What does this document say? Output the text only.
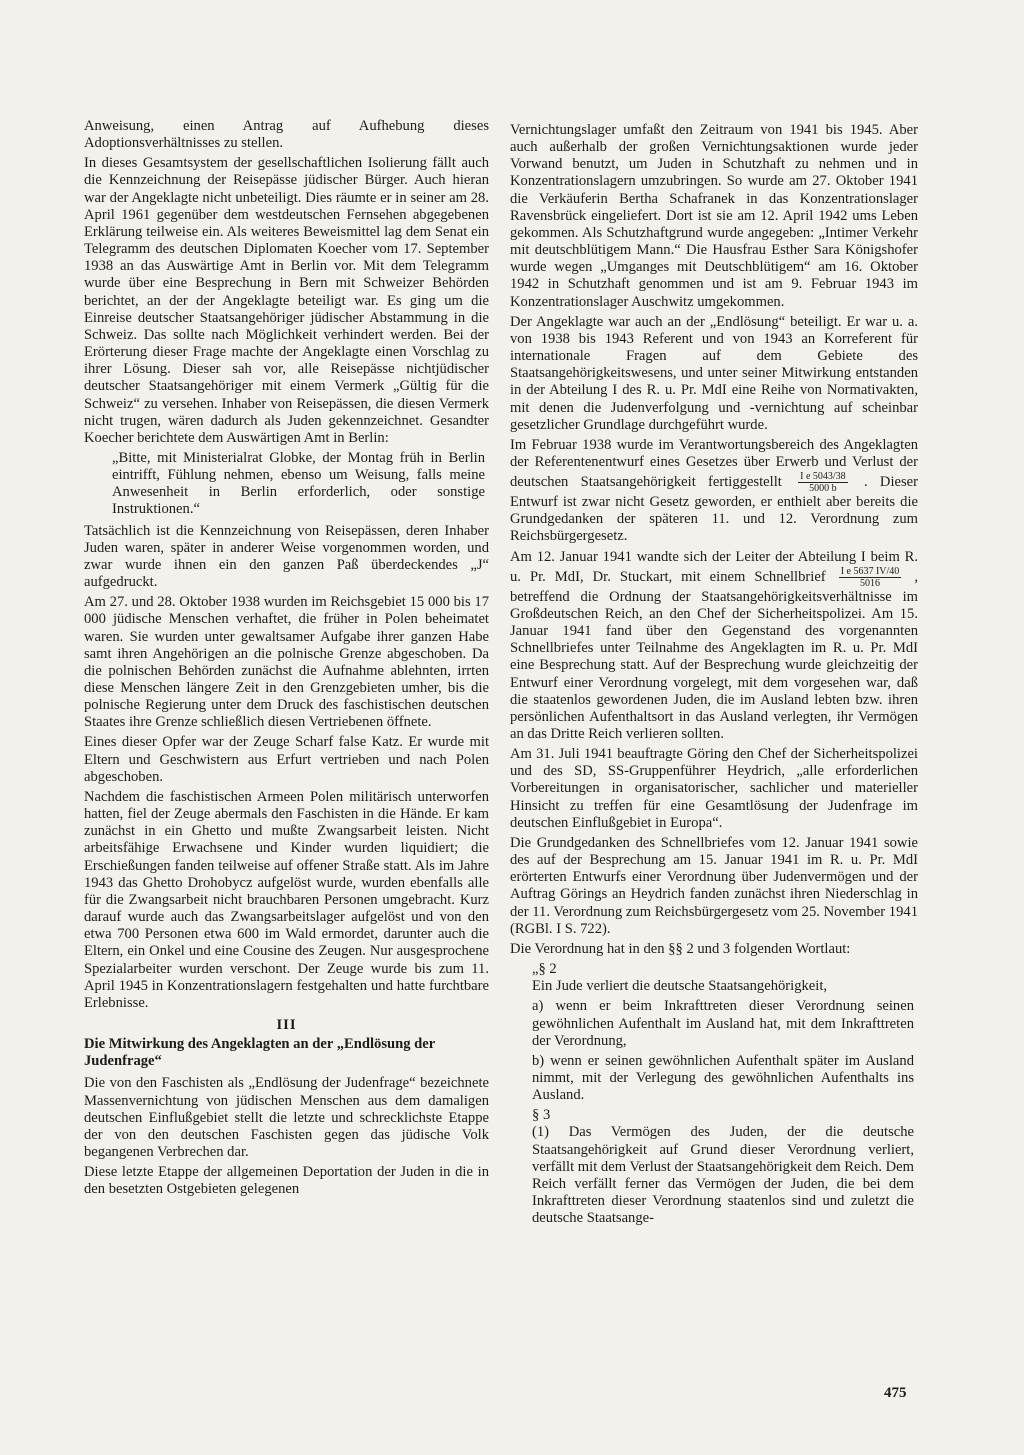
Anweisung, einen Antrag auf Aufhebung dieses Adoptionsverhältnisses zu stellen.

In dieses Gesamtsystem der gesellschaftlichen Isolierung fällt auch die Kennzeichnung der Reisepässe jüdischer Bürger. Auch hieran war der Angeklagte nicht unbeteiligt. Dies räumte er in seiner am 28. April 1961 gegenüber dem westdeutschen Fernsehen abgegebenen Erklärung teilweise ein. Als weiteres Beweismittel lag dem Senat ein Telegramm des deutschen Diplomaten Koecher vom 17. September 1938 an das Auswärtige Amt in Berlin vor. Mit dem Telegramm wurde über eine Besprechung in Bern mit Schweizer Behörden berichtet, an der der Angeklagte beteiligt war. Es ging um die Einreise deutscher Staatsangehöriger jüdischer Abstammung in die Schweiz. Das sollte nach Möglichkeit verhindert werden. Bei der Erörterung dieser Frage machte der Angeklagte einen Vorschlag zu ihrer Lösung. Dieser sah vor, alle Reisepässe nichtjüdischer deutscher Staatsangehöriger mit einem Vermerk „Gültig für die Schweiz“ zu versehen. Inhaber von Reisepässen, die diesen Vermerk nicht trugen, wären dadurch als Juden gekennzeichnet. Gesandter Koecher berichtete dem Auswärtigen Amt in Berlin:

„Bitte, mit Ministerialrat Globke, der Montag früh in Berlin eintrifft, Fühlung nehmen, ebenso um Weisung, falls meine Anwesenheit in Berlin erforderlich, oder sonstige Instruktionen.“

Tatsächlich ist die Kennzeichnung von Reisepässen, deren Inhaber Juden waren, später in anderer Weise vorgenommen worden, und zwar wurde ihnen ein den ganzen Paß überdeckendes „J“ aufgedruckt.

Am 27. und 28. Oktober 1938 wurden im Reichsgebiet 15 000 bis 17 000 jüdische Menschen verhaftet, die früher in Polen beheimatet waren. Sie wurden unter gewaltsamer Aufgabe ihrer ganzen Habe samt ihren Angehörigen an die polnische Grenze abgeschoben. Da die polnischen Behörden zunächst die Aufnahme ablehnten, irrten diese Menschen längere Zeit in den Grenzgebieten umher, bis die polnische Regierung unter dem Druck des faschistischen deutschen Staates ihre Grenze schließlich diesen Vertriebenen öffnete.

Eines dieser Opfer war der Zeuge Scharf false Katz. Er wurde mit Eltern und Geschwistern aus Erfurt vertrieben und nach Polen abgeschoben.

Nachdem die faschistischen Armeen Polen militärisch unterworfen hatten, fiel der Zeuge abermals den Faschisten in die Hände. Er kam zunächst in ein Ghetto und mußte Zwangsarbeit leisten. Nicht arbeitsfähige Erwachsene und Kinder wurden liquidiert; die Erschießungen fanden teilweise auf offener Straße statt. Als im Jahre 1943 das Ghetto Drohobycz aufgelöst wurde, wurden ebenfalls alle für die Zwangsarbeit nicht brauchbaren Personen umgebracht. Kurz darauf wurde auch das Zwangsarbeitslager aufgelöst und von den etwa 700 Personen etwa 600 im Wald ermordet, darunter auch die Eltern, ein Onkel und eine Cousine des Zeugen. Nur ausgesprochene Spezialarbeiter wurden verschont. Der Zeuge wurde bis zum 11. April 1945 in Konzentrationslagern festgehalten und hatte furchtbare Erlebnisse.

III
Die Mitwirkung des Angeklagten an der „Endlösung der Judenfrage“

Die von den Faschisten als „Endlösung der Judenfrage“ bezeichnete Massenvernichtung von jüdischen Menschen aus dem damaligen deutschen Einflußgebiet stellt die letzte und schrecklichste Etappe der von den deutschen Faschisten gegen das jüdische Volk begangenen Verbrechen dar.

Diese letzte Etappe der allgemeinen Deportation der Juden in die in den besetzten Ostgebieten gelegenen

Vernichtungslager umfaßt den Zeitraum von 1941 bis 1945. Aber auch außerhalb der großen Vernichtungsaktionen wurde jeder Vorwand benutzt, um Juden in Schutzhaft zu nehmen und in Konzentrationslagern umzubringen. So wurde am 27. Oktober 1941 die Verkäuferin Bertha Schafranek in das Konzentrationslager Ravensbrück eingeliefert. Dort ist sie am 12. April 1942 ums Leben gekommen. Als Schutzhaftgrund wurde angegeben: „Intimer Verkehr mit deutschblütigem Mann.“ Die Hausfrau Esther Sara Königshofer wurde wegen „Umganges mit Deutschblütigem“ am 16. Oktober 1942 in Schutzhaft genommen und ist am 9. Februar 1943 im Konzentrationslager Auschwitz umgekommen.

Der Angeklagte war auch an der „Endlösung“ beteiligt. Er war u. a. von 1938 bis 1943 Referent und von 1943 an Korreferent für internationale Fragen auf dem Gebiete des Staatsangehörigkeitswesens, und unter seiner Mitwirkung entstanden in der Abteilung I des R. u. Pr. MdI eine Reihe von Normativakten, mit denen die Judenverfolgung und -vernichtung auf scheinbar gesetzlicher Grundlage durchgeführt wurde.

Im Februar 1938 wurde im Verantwortungsbereich des Angeklagten der Referentenentwurf eines Gesetzes über Erwerb und Verlust der deutschen Staatsangehörigkeit fertiggestellt $\frac{\text{I e 5043/38}}{5000 b}$ . Dieser Entwurf ist zwar nicht Gesetz geworden, er enthielt aber bereits die Grundgedanken der späteren 11. und 12. Verordnung zum Reichsbürgergesetz.

Am 12. Januar 1941 wandte sich der Leiter der Abteilung I beim R. u. Pr. MdI, Dr. Stuckart, mit einem Schnellbrief $\frac{\text{I e 5637 IV/40}}{5016}$ , betreffend die Ordnung der Staatsangehörigkeitsverhältnisse im Großdeutschen Reich, an den Chef der Sicherheitspolizei. Am 15. Januar 1941 fand über den Gegenstand des vorgenannten Schnellbriefes unter Teilnahme des Angeklagten im R. u. Pr. MdI eine Besprechung statt. Auf der Besprechung wurde gleichzeitig der Entwurf einer Verordnung vorgelegt, mit dem vorgesehen war, daß die staatenlos gewordenen Juden, die im Ausland lebten bzw. ihren persönlichen Aufenthaltsort in das Ausland verlegten, ihr Vermögen an das Dritte Reich verlieren sollten.

Am 31. Juli 1941 beauftragte Göring den Chef der Sicherheitspolizei und des SD, SS-Gruppenführer Heydrich, „alle erforderlichen Vorbereitungen in organisatorischer, sachlicher und materieller Hinsicht zu treffen für eine Gesamtlösung der Judenfrage im deutschen Einflußgebiet in Europa“.

Die Grundgedanken des Schnellbriefes vom 12. Januar 1941 sowie des auf der Besprechung am 15. Januar 1941 im R. u. Pr. MdI erörterten Entwurfs einer Verordnung über Judenvermögen und der Auftrag Görings an Heydrich fanden zunächst ihren Niederschlag in der 11. Verordnung zum Reichsbürgergesetz vom 25. November 1941 (RGBl. I S. 722).

Die Verordnung hat in den §§ 2 und 3 folgenden Wortlaut:

„§ 2

Ein Jude verliert die deutsche Staatsangehörigkeit,

a) wenn er beim Inkrafttreten dieser Verordnung seinen gewöhnlichen Aufenthalt im Ausland hat, mit dem Inkrafttreten der Verordnung,

b) wenn er seinen gewöhnlichen Aufenthalt später im Ausland nimmt, mit der Verlegung des gewöhnlichen Aufenthalts ins Ausland.

§ 3

(1) Das Vermögen des Juden, der die deutsche Staatsangehörigkeit auf Grund dieser Verordnung verliert, verfällt mit dem Verlust der Staatsangehörigkeit dem Reich. Dem Reich verfällt ferner das Vermögen der Juden, die bei dem Inkrafttreten dieser Verordnung staatenlos sind und zuletzt die deutsche Staatsange-

475
